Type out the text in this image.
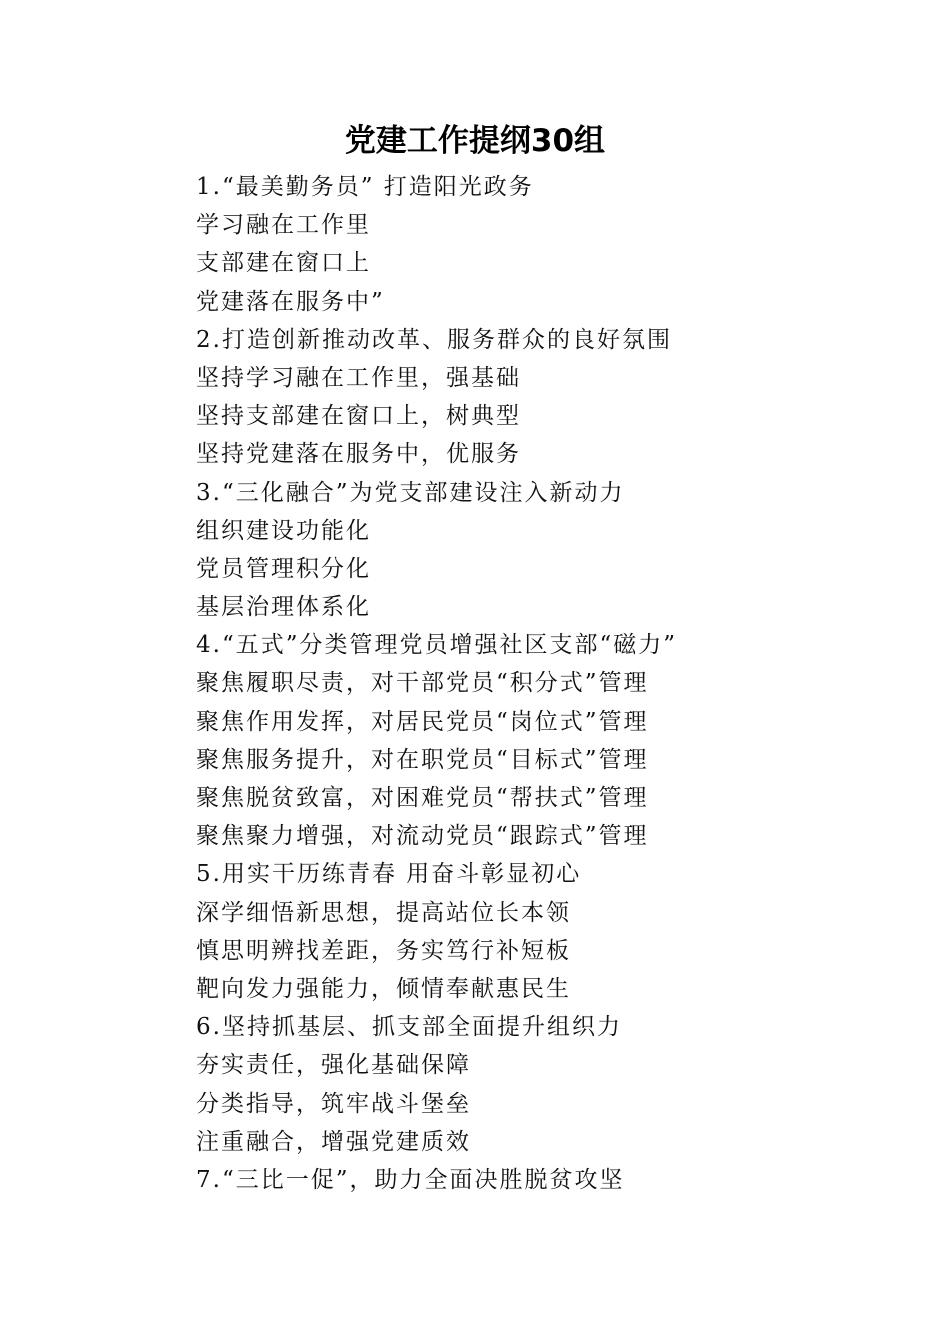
党建工作提纲30组
1.“最美勤务员” 打造阳光政务
学习融在工作里
支部建在窗口上
党建落在服务中”
2.打造创新推动改革、服务群众的良好氛围
坚持学习融在工作里，强基础
坚持支部建在窗口上，树典型
坚持党建落在服务中，优服务
3.“三化融合”为党支部建设注入新动力
组织建设功能化
党员管理积分化
基层治理体系化
4.“五式”分类管理党员增强社区支部“磁力”
聚焦履职尽责，对干部党员“积分式”管理
聚焦作用发挥，对居民党员“岗位式”管理
聚焦服务提升，对在职党员“目标式”管理
聚焦脱贫致富，对困难党员“帮扶式”管理
聚焦聚力增强，对流动党员“跟踪式”管理
5.用实干历练青春 用奋斗彰显初心
深学细悟新思想，提高站位长本领
慎思明辨找差距，务实笃行补短板
靶向发力强能力，倾情奉献惠民生
6.坚持抓基层、抓支部全面提升组织力
夯实责任，强化基础保障
分类指导，筑牢战斗堡垒
注重融合，增强党建质效
7.“三比一促”，助力全面决胜脱贫攻坚
